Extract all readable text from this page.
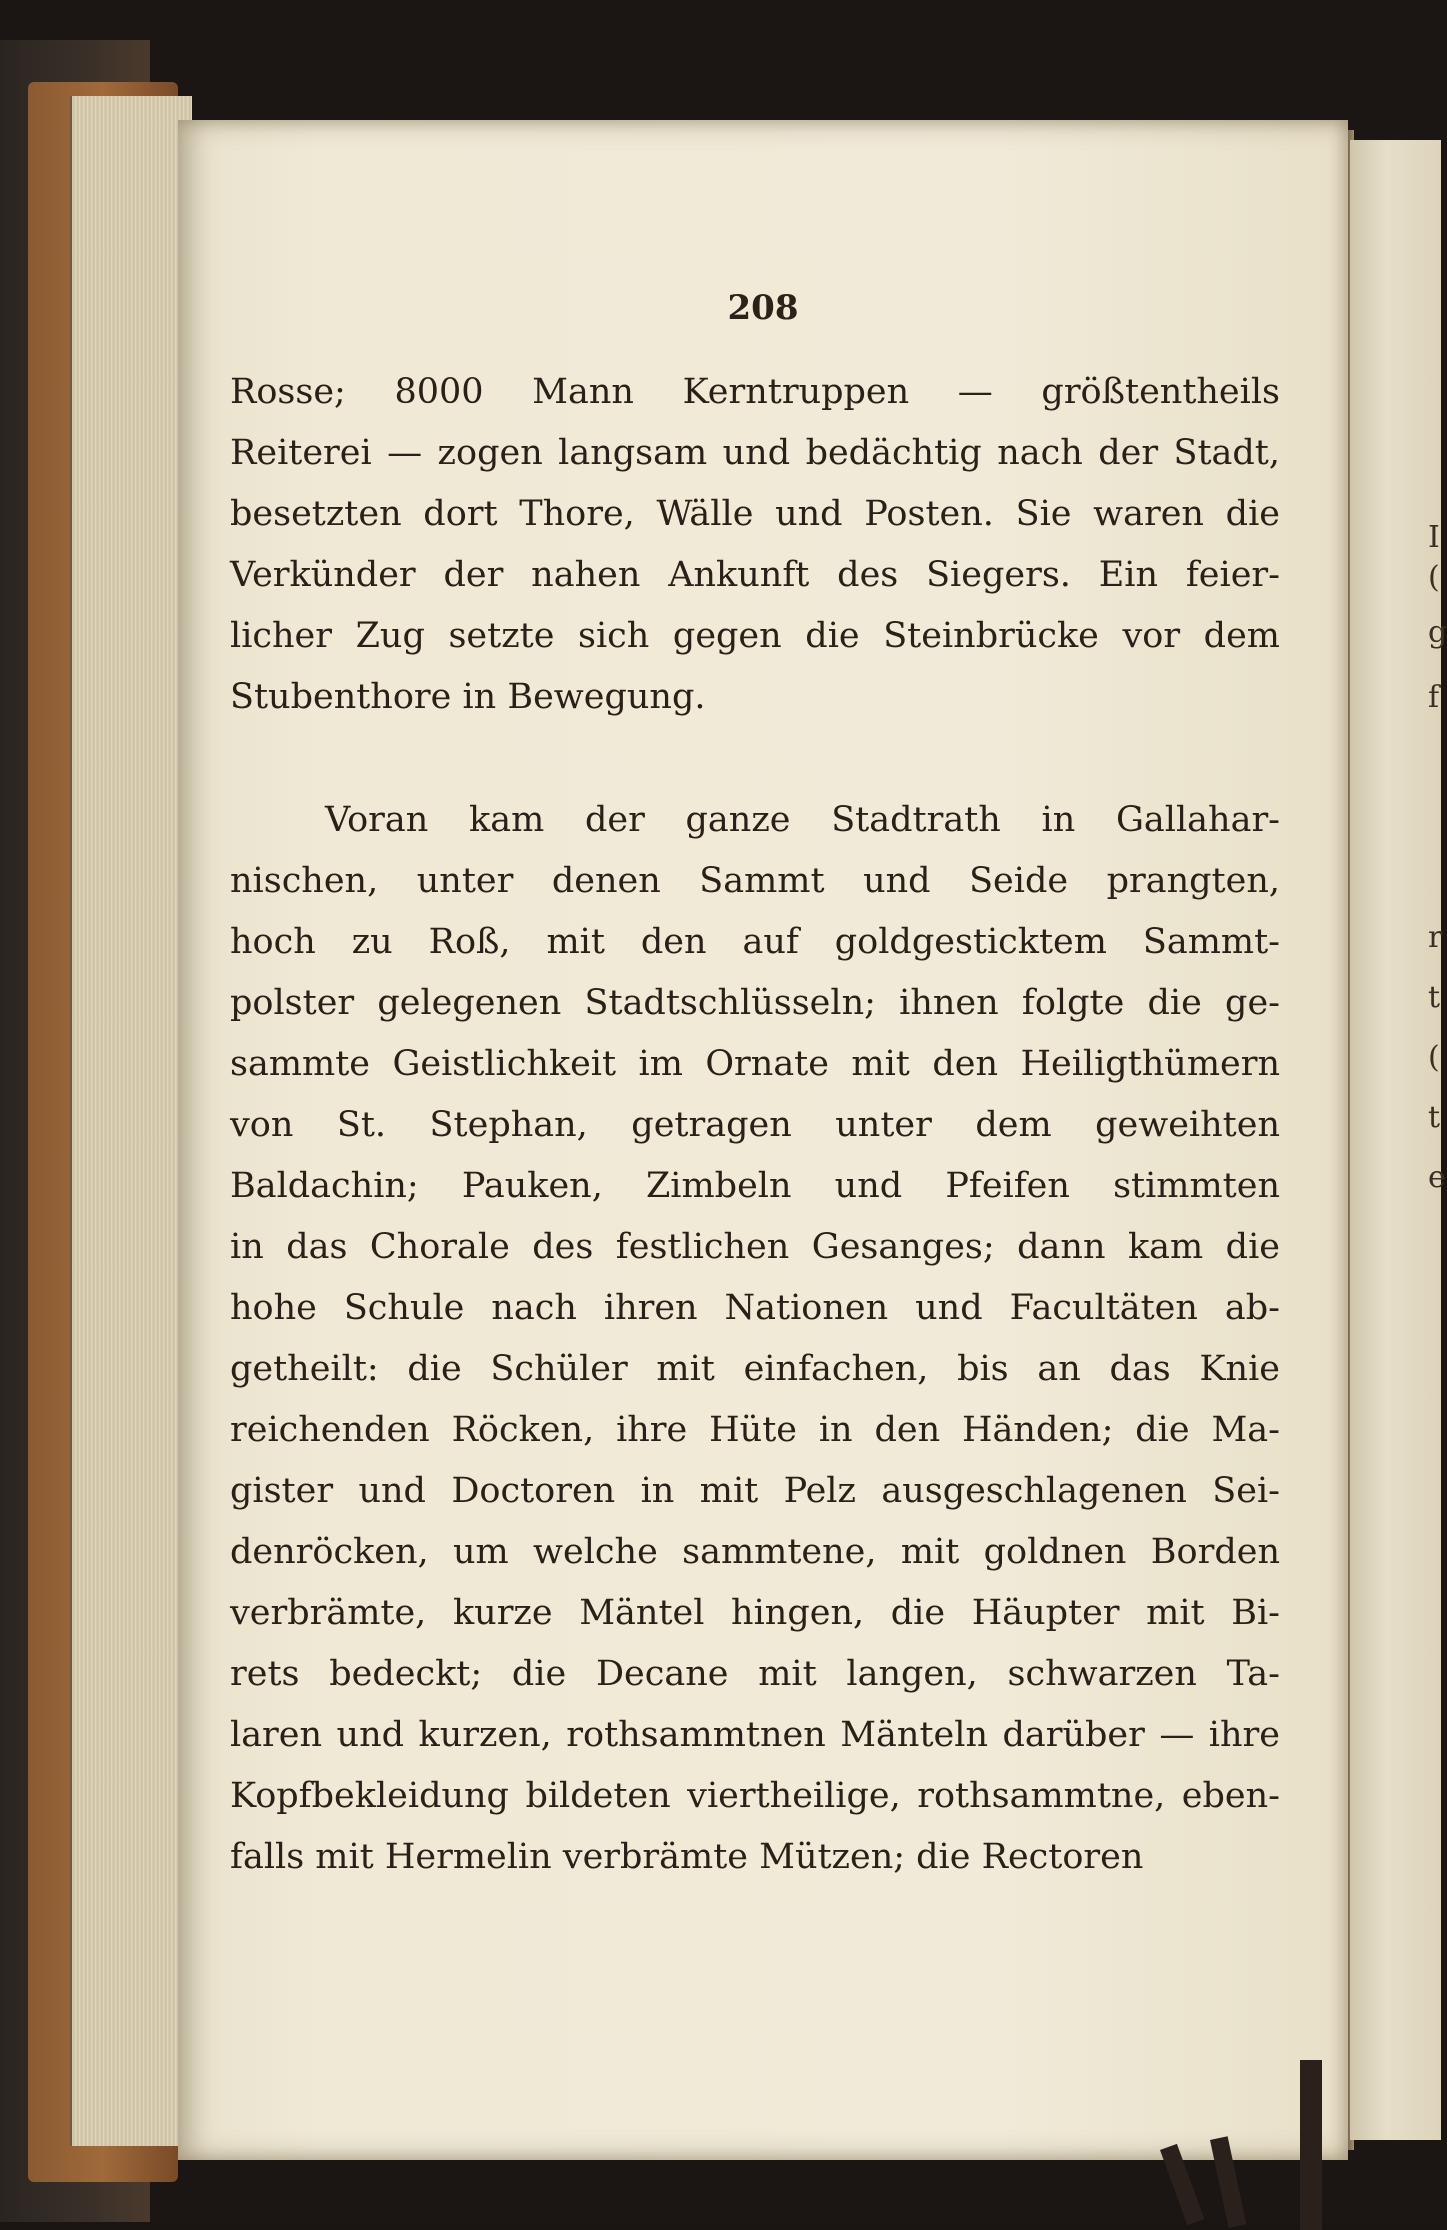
I
(
g
f
r
t
(
t
e
208
Rosse; 8000 Mann Kerntruppen — größtentheils
Reiterei — zogen langsam und bedächtig nach der Stadt,
besetzten dort Thore, Wälle und Posten. Sie waren die
Verkünder der nahen Ankunft des Siegers. Ein feier-
licher Zug setzte sich gegen die Steinbrücke vor dem
Stubenthore in Bewegung.
Voran kam der ganze Stadtrath in Gallahar-
nischen, unter denen Sammt und Seide prangten,
hoch zu Roß, mit den auf goldgesticktem Sammt-
polster gelegenen Stadtschlüsseln; ihnen folgte die ge-
sammte Geistlichkeit im Ornate mit den Heiligthümern
von St. Stephan, getragen unter dem geweihten
Baldachin; Pauken, Zimbeln und Pfeifen stimmten
in das Chorale des festlichen Gesanges; dann kam die
hohe Schule nach ihren Nationen und Facultäten ab-
getheilt: die Schüler mit einfachen, bis an das Knie
reichenden Röcken, ihre Hüte in den Händen; die Ma-
gister und Doctoren in mit Pelz ausgeschlagenen Sei-
denröcken, um welche sammtene, mit goldnen Borden
verbrämte, kurze Mäntel hingen, die Häupter mit Bi-
rets bedeckt; die Decane mit langen, schwarzen Ta-
laren und kurzen, rothsammtnen Mänteln darüber — ihre
Kopfbekleidung bildeten viertheilige, rothsammtne, eben-
falls mit Hermelin verbrämte Mützen; die Rectoren
